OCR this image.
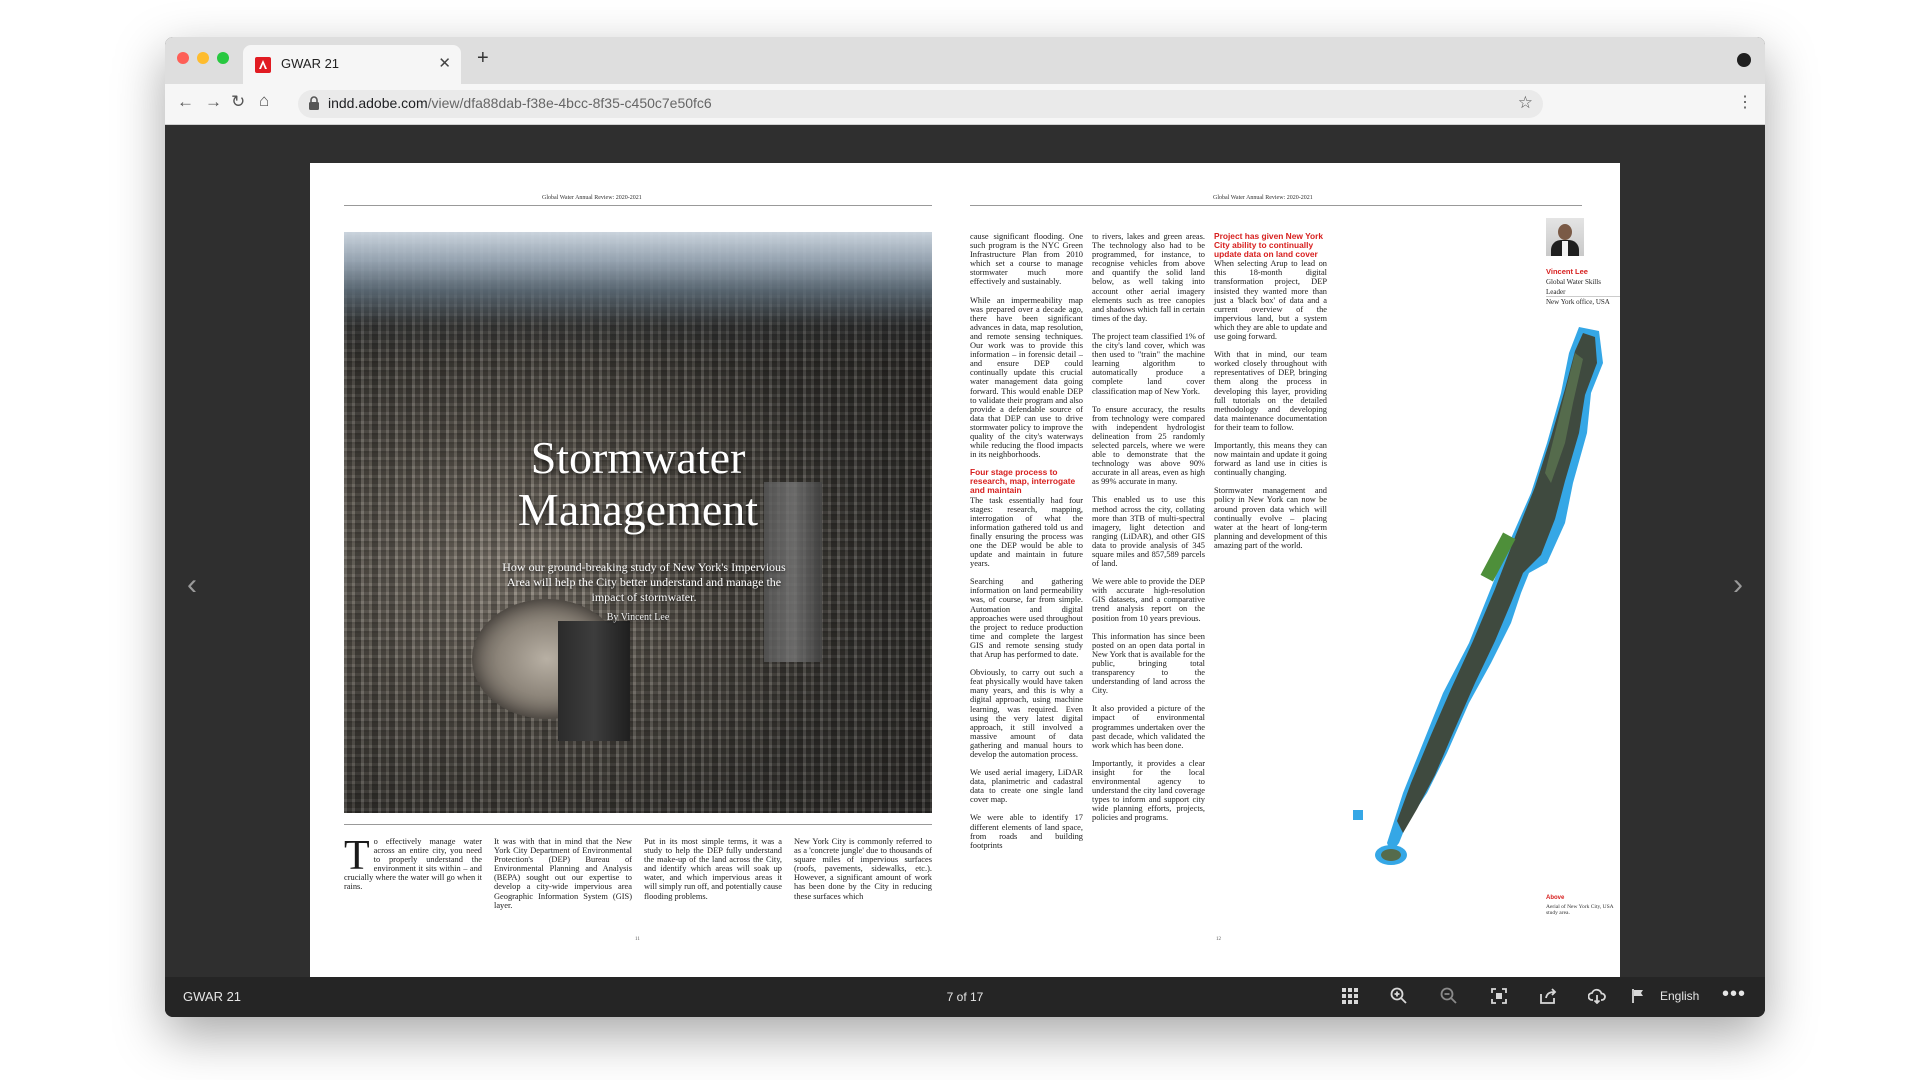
GWAR 21	✕ +
← → ↻ ⌂	indd.adobe.com/view/dfa88dab-f38e-4bcc-8f35-c450c7e50fc6	☆	⋮
‹	›
Global Water Annual Review: 2020-2021
Stormwater
Management
How our ground-breaking study of New York's Impervious Area will help the City better understand and manage the impact of stormwater.
By Vincent Lee
To effectively manage water across an entire city, you need to properly understand the environment it sits within – and crucially where the water will go when it rains.

It was with that in mind that the New York City Department of Environmental Protection's (DEP) Bureau of Environmental Planning and Analysis (BEPA) sought out our expertise to develop a city-wide impervious area Geographic Information System (GIS) layer.

Put in its most simple terms, it was a study to help the DEP fully understand the make-up of the land across the City, and identify which areas will soak up water, and which impervious areas it will simply run off, and potentially cause flooding problems.

New York City is commonly referred to as a 'concrete jungle' due to thousands of square miles of impervious surfaces (roofs, pavements, sidewalks, etc.). However, a significant amount of work has been done by the City in reducing these surfaces which

11
Global Water Annual Review: 2020-2021

cause significant flooding. One such program is the NYC Green Infrastructure Plan from 2010 which set a course to manage stormwater much more effectively and sustainably.

While an impermeability map was prepared over a decade ago, there have been significant advances in data, map resolution, and remote sensing techniques. Our work was to provide this information – in forensic detail – and ensure DEP could continually update this crucial water management data going forward. This would enable DEP to validate their program and also provide a defendable source of data that DEP can use to drive stormwater policy to improve the quality of the city's waterways while reducing the flood impacts in its neighborhoods.

Four stage process to research, map, interrogate and maintain

The task essentially had four stages: research, mapping, interrogation of what the information gathered told us and finally ensuring the process was one the DEP would be able to update and maintain in future years.

Searching and gathering information on land permeability was, of course, far from simple. Automation and digital approaches were used throughout the project to reduce production time and complete the largest GIS and remote sensing study that Arup has performed to date.

Obviously, to carry out such a feat physically would have taken many years, and this is why a digital approach, using machine learning, was required. Even using the very latest digital approach, it still involved a massive amount of data gathering and manual hours to develop the automation process.

We used aerial imagery, LiDAR data, planimetric and cadastral data to create one single land cover map.

We were able to identify 17 different elements of land space, from roads and building footprints

to rivers, lakes and green areas. The technology also had to be programmed, for instance, to recognise vehicles from above and quantify the solid land below, as well taking into account other aerial imagery elements such as tree canopies and shadows which fall in certain times of the day.

The project team classified 1% of the city's land cover, which was then used to "train" the machine learning algorithm to automatically produce a complete land cover classification map of New York.

To ensure accuracy, the results from technology were compared with independent hydrologist delineation from 25 randomly selected parcels, where we were able to demonstrate that the technology was above 90% accurate in all areas, even as high as 99% accurate in many.

This enabled us to use this method across the city, collating more than 3TB of multi-spectral imagery, light detection and ranging (LiDAR), and other GIS data to provide analysis of 345 square miles and 857,589 parcels of land.

We were able to provide the DEP with accurate high-resolution GIS datasets, and a comparative trend analysis report on the position from 10 years previous.

This information has since been posted on an open data portal in New York that is available for the public, bringing total transparency to the understanding of land across the City.

It also provided a picture of the impact of environmental programmes undertaken over the past decade, which validated the work which has been done.

Importantly, it provides a clear insight for the local environmental agency to understand the city land coverage types to inform and support city wide planning efforts, projects, policies and programs.

Project has given New York City ability to continually update data on land cover

When selecting Arup to lead on this 18-month digital transformation project, DEP insisted they wanted more than just a 'black box' of data and a current overview of the impervious land, but a system which they are able to update and use going forward.

With that in mind, our team worked closely throughout with representatives of DEP, bringing them along the process in developing this layer, providing full tutorials on the detailed methodology and developing data maintenance documentation for their team to follow.

Importantly, this means they can now maintain and update it going forward as land use in cities is continually changing.

Stormwater management and policy in New York can now be around proven data which will continually evolve – placing water at the heart of long-term planning and development of this amazing part of the world.

Vincent Lee
Global Water Skills Leader
New York office, USA
Above
Aerial of New York City, USA study area.
12
GWAR 21	7 of 17	English •••
